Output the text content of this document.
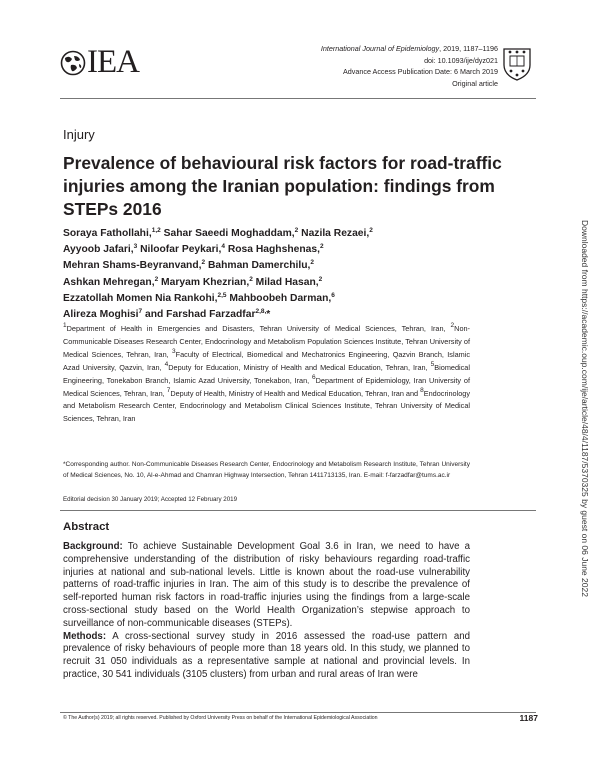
IEA	International Journal of Epidemiology, 2019, 1187–1196
doi: 10.1093/ije/dyz021
Advance Access Publication Date: 6 March 2019
Original article
Injury
Prevalence of behavioural risk factors for road-traffic injuries among the Iranian population: findings from STEPs 2016
Soraya Fathollahi,$^{1,2}$ Sahar Saeedi Moghaddam,$^2$ Nazila Rezaei,$^2$
Ayyoob Jafari,$^3$ Niloofar Peykari,$^4$ Rosa Haghshenas,$^2$
Mehran Shams-Beyranvand,$^2$ Bahman Damerchilu,$^2$
Ashkan Mehregan,$^2$ Maryam Khezrian,$^2$ Milad Hasan,$^2$
Ezzatollah Momen Nia Rankohi,$^{2,5}$ Mahboobeh Darman,$^6$
Alireza Moghisi$^7$ and Farshad Farzadfar$^{2,8,}$*
$^1$Department of Health in Emergencies and Disasters, Tehran University of Medical Sciences, Tehran, Iran, $^2$Non-Communicable Diseases Research Center, Endocrinology and Metabolism Population Sciences Institute, Tehran University of Medical Sciences, Tehran, Iran, $^3$Faculty of Electrical, Biomedical and Mechatronics Engineering, Qazvin Branch, Islamic Azad University, Qazvin, Iran, $^4$Deputy for Education, Ministry of Health and Medical Education, Tehran, Iran, $^5$Biomedical Engineering, Tonekabon Branch, Islamic Azad University, Tonekabon, Iran, $^6$Department of Epidemiology, Iran University of Medical Sciences, Tehran, Iran, $^7$Deputy of Health, Ministry of Health and Medical Education, Tehran, Iran and $^8$Endocrinology and Metabolism Research Center, Endocrinology and Metabolism Clinical Sciences Institute, Tehran University of Medical Sciences, Tehran, Iran
*Corresponding author. Non-Communicable Diseases Research Center, Endocrinology and Metabolism Research Institute, Tehran University of Medical Sciences, No. 10, Al-e-Ahmad and Chamran Highway Intersection, Tehran 1411713135, Iran. E-mail: f-farzadfar@tums.ac.ir
Editorial decision 30 January 2019; Accepted 12 February 2019
Abstract

Background: To achieve Sustainable Development Goal 3.6 in Iran, we need to have a comprehensive understanding of the distribution of risky behaviours regarding road-traffic injuries at national and sub-national levels. Little is known about the road-use vulnerability patterns of road-traffic injuries in Iran. The aim of this study is to describe the prevalence of self-reported human risk factors in road-traffic injuries using the findings from a large-scale cross-sectional study based on the World Health Organization’s stepwise approach to surveillance of non-communicable diseases (STEPs).

Methods: A cross-sectional survey study in 2016 assessed the road-use pattern and prevalence of risky behaviours of people more than 18 years old. In this study, we planned to recruit 31 050 individuals as a representative sample at national and provincial levels. In practice, 30 541 individuals (3105 clusters) from urban and rural areas of Iran were

© The Author(s) 2019; all rights reserved. Published by Oxford University Press on behalf of the International Epidemiological Association	1187
Downloaded from https://academic.oup.com/ije/article/48/4/1187/5370325 by guest on 06 June 2022
